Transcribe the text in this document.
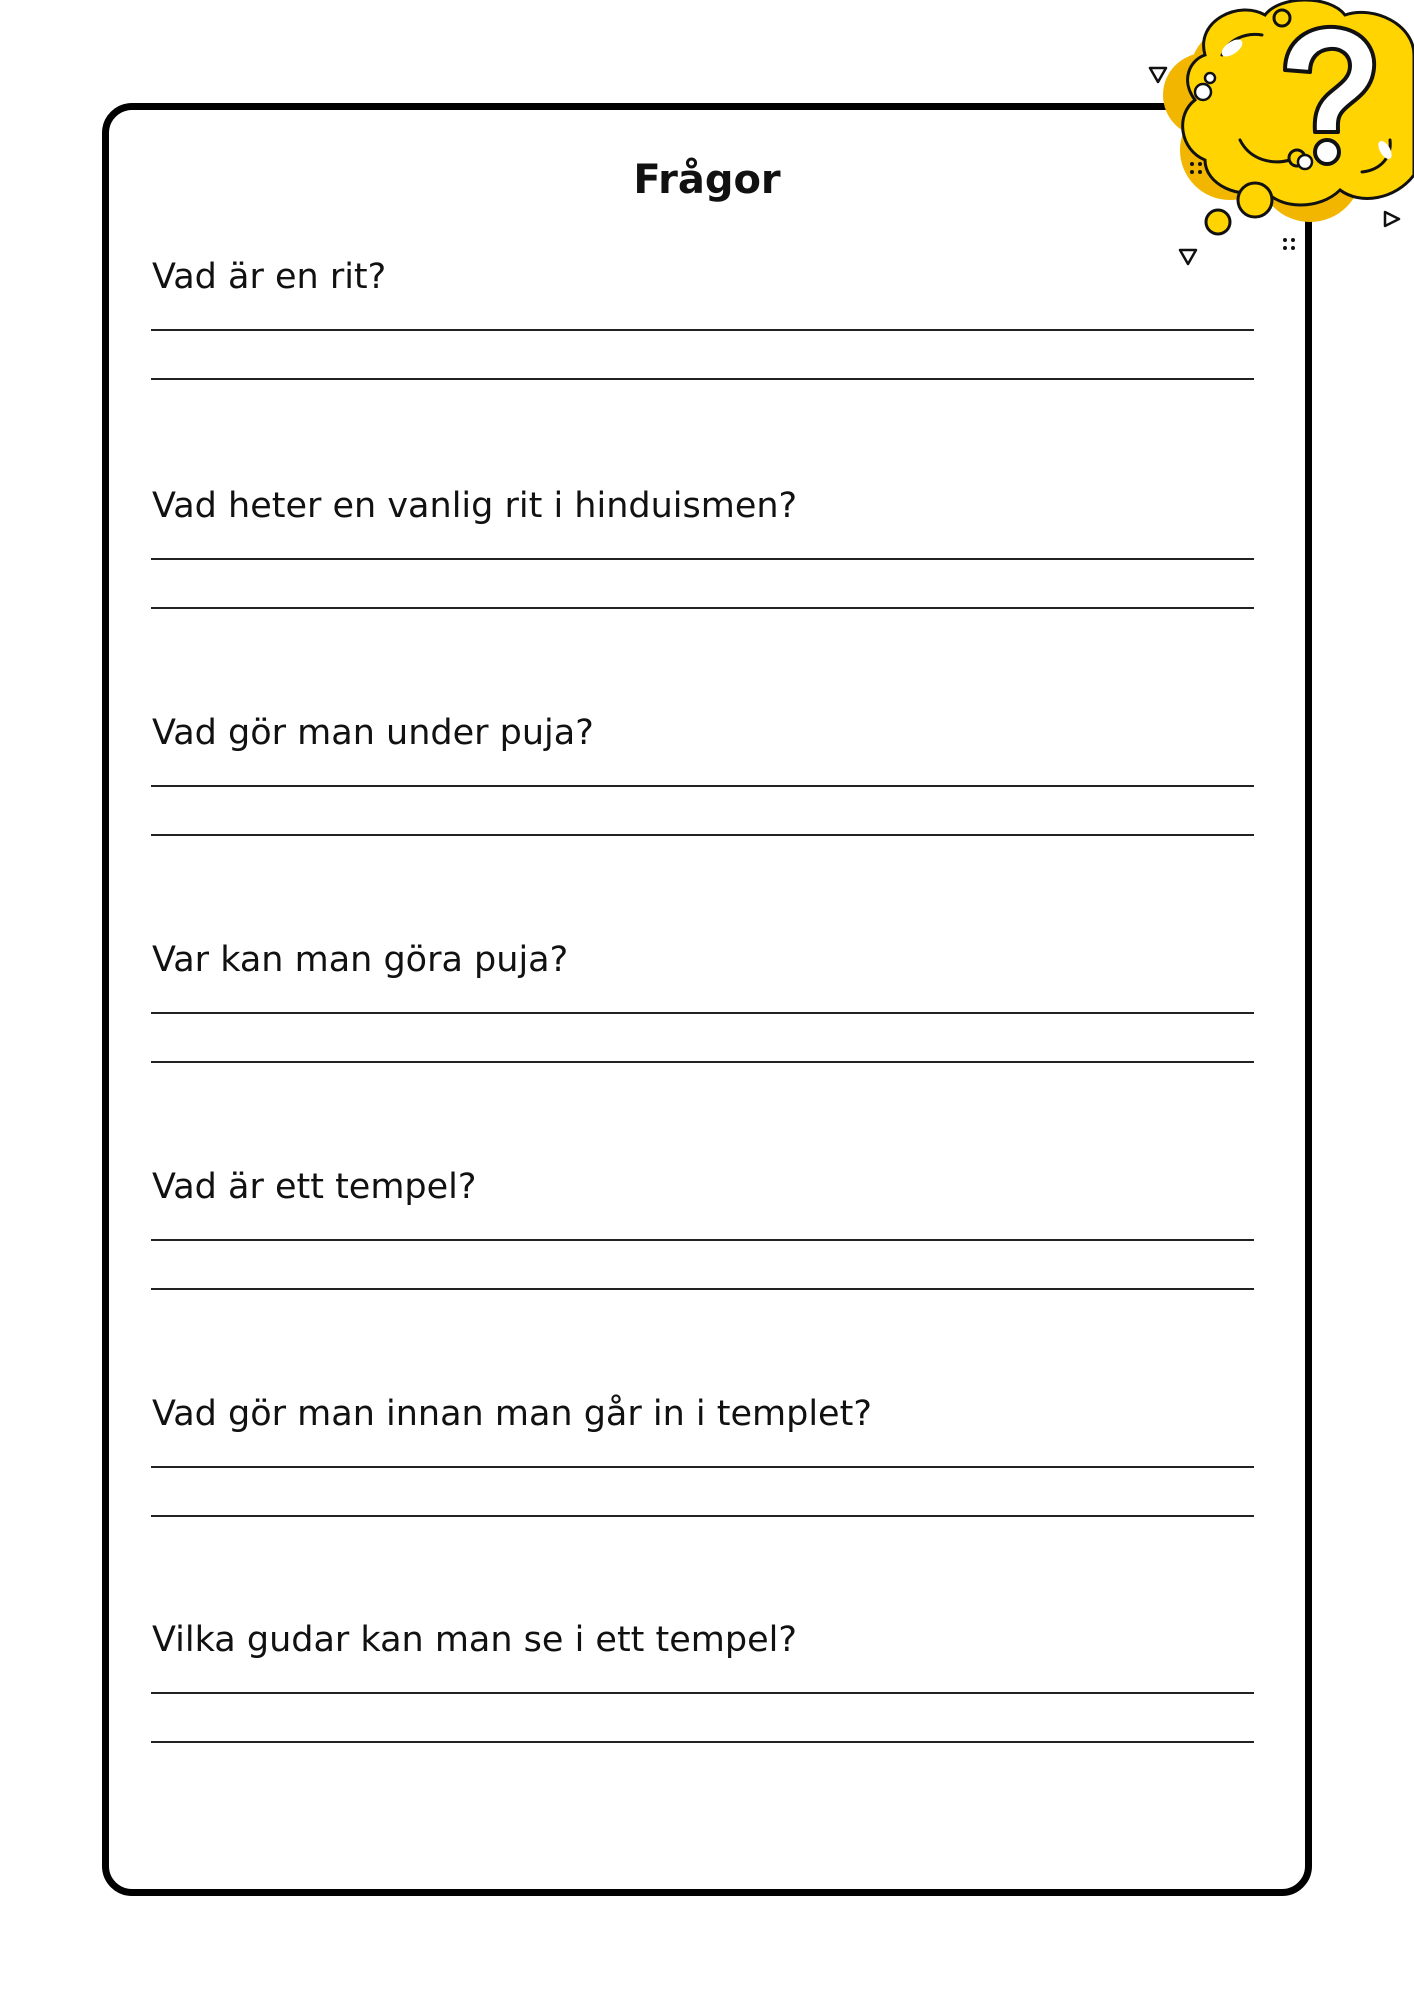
Frågor
Vad är en rit?
Vad heter en vanlig rit i hinduismen?
Vad gör man under puja?
Var kan man göra puja?
Vad är ett tempel?
Vad gör man innan man går in i templet?
Vilka gudar kan man se i ett tempel?
